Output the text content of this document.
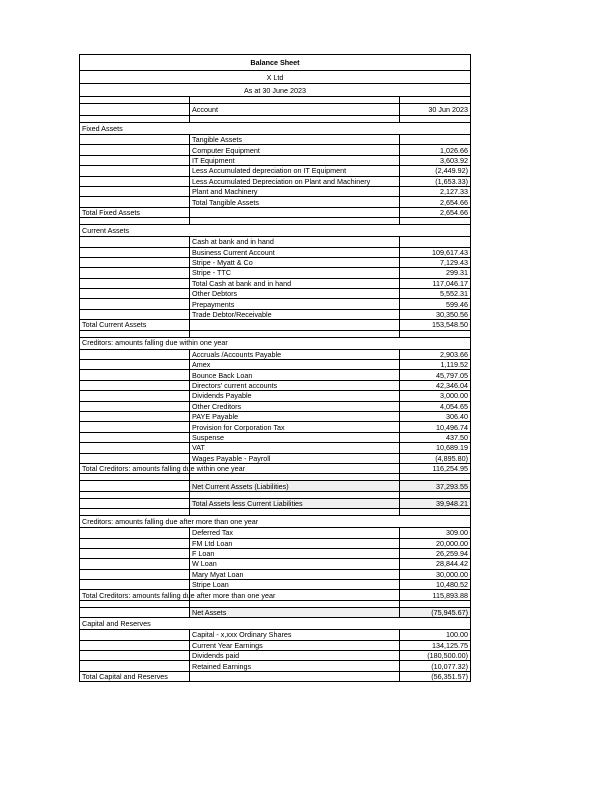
Balance Sheet		
X Ltd		
As at 30 June 2023		

	Account	30 Jun 2023

Fixed Assets		
	Tangible Assets	
	Computer Equipment	1,026.66
	IT Equipment	3,603.92
	Less Accumulated depreciation on IT Equipment	(2,449.92)
	Less Accumulated Depreciation on Plant and Machinery	(1,653.33)
	Plant and Machinery	2,127.33
	Total Tangible Assets	2,654.66
Total Fixed Assets		2,654.66

Current Assets		
	Cash at bank and in hand	
	Business Current Account	109,617.43
	Stripe - Myatt & Co	7,129.43
	Stripe - TTC	299.31
	Total Cash at bank and in hand	117,046.17
	Other Debtors	5,552.31
	Prepayments	599.46
	Trade Debtor/Receivable	30,350.56
Total Current Assets		153,548.50

Creditors: amounts falling due within one year		
	Accruals /Accounts Payable	2,903.66
	Amex	1,119.52
	Bounce Back Loan	45,797.05
	Directors' current accounts	42,346.04
	Dividends Payable	3,000.00
	Other Creditors	4,054.65
	PAYE Payable	306.40
	Provision for Corporation Tax	10,496.74
	Suspense	437.50
	VAT	10,689.19
	Wages Payable - Payroll	(4,895.80)
Total Creditors: amounts falling due within one year		116,254.95

	Net Current Assets (Liabilities)	37,293.55

	Total Assets less Current Liabilities	39,948.21

Creditors: amounts falling due after more than one year		
	Deferred Tax	309.00
	FM Ltd Loan	20,000.00
	F Loan	26,259.94
	W Loan	28,844.42
	Mary Myat Loan	30,000.00
	Stripe Loan	10,480.52
Total Creditors: amounts falling due after more than one year		115,893.88

	Net Assets	(75,945.67)
Capital and Reserves		
	Capital - x,xxx Ordinary Shares	100.00
	Current Year Earnings	134,125.75
	Dividends paid	(180,500.00)
	Retained Earnings	(10,077.32)
Total Capital and Reserves		(56,351.57)
